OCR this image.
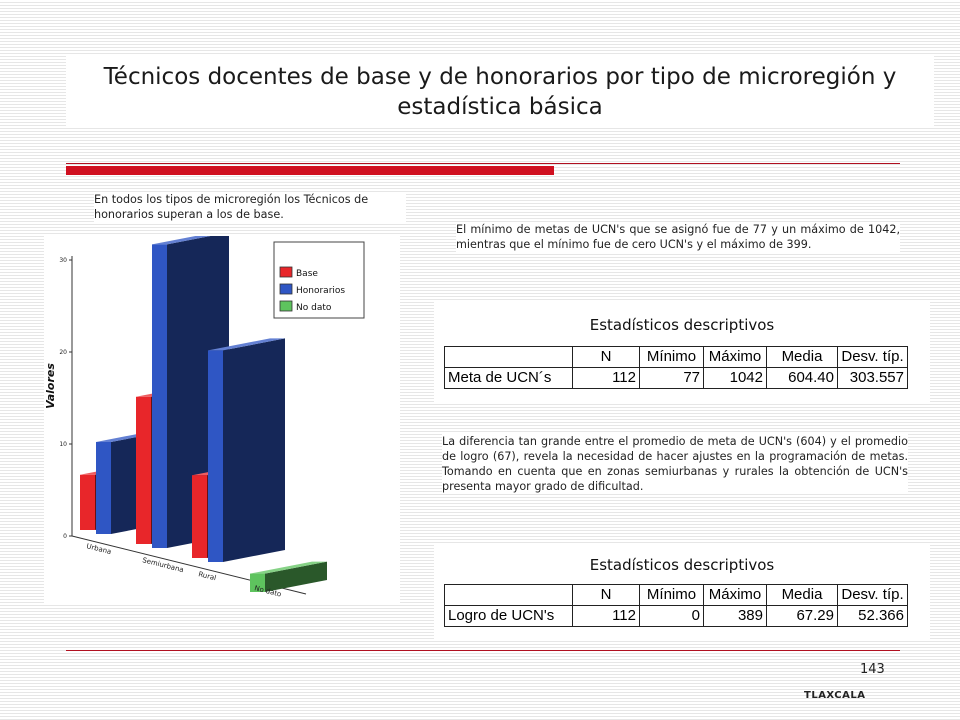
Técnicos docentes de base y de honorarios por tipo de microregión y estadística básica
En todos los tipos de microregión los Técnicos de honorarios superan a los de base.
El mínimo de metas de UCN's que se asignó fue de 77 y un máximo de 1042, mientras que el mínimo fue de cero UCN's y el máximo de 399.
0
10
20
30
Valores
Urbana
Semiurbana
Rural
No dato
Base
Honorarios
No dato
Estadísticos descriptivos
	N	Mínimo	Máximo	Media	Desv. típ.
Meta de UCN´s	112	77	1042	604.40	303.557
La diferencia tan grande entre el promedio de meta de UCN's (604) y el promedio de logro (67), revela la necesidad de hacer ajustes en la programación de metas. Tomando en cuenta que en zonas semiurbanas y rurales la obtención de UCN's presenta mayor grado de dificultad.
Estadísticos descriptivos
	N	Mínimo	Máximo	Media	Desv. típ.
Logro de UCN's	112	0	389	67.29	52.366
143
TLAXCALA
